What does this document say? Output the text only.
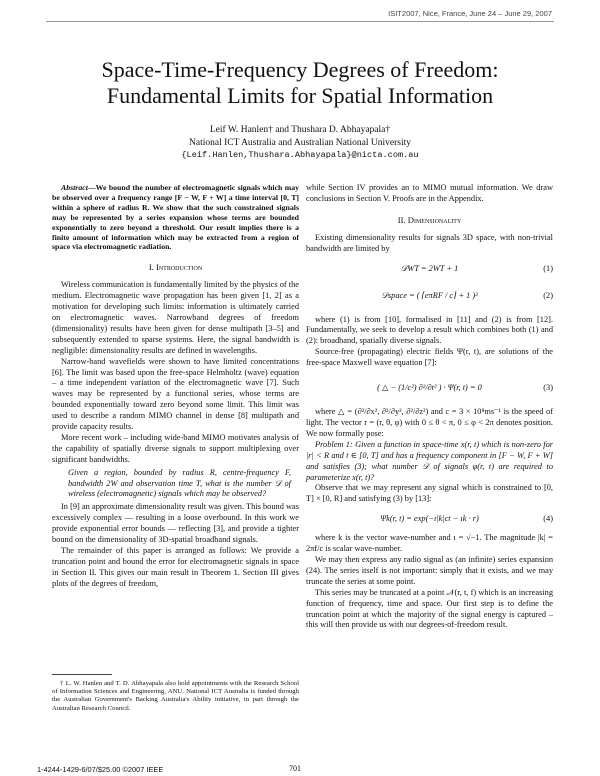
ISIT2007, Nice, France, June 24 – June 29, 2007
Space-Time-Frequency Degrees of Freedom: Fundamental Limits for Spatial Information
Leif W. Hanlen† and Thushara D. Abhayapala†
National ICT Australia and Australian National University
{Leif.Hanlen,Thushara.Abhayapala}@nicta.com.au

Abstract—We bound the number of electromagnetic signals which may be observed over a frequency range [F − W, F + W] a time interval [0, T] within a sphere of radius R. We show that the such constrained signals may be represented by a series expansion whose terms are bounded exponentially to zero beyond a threshold. Our result implies there is a finite amount of information which may be extracted from a region of space via electromagnetic radiation.

I. Introduction

Wireless communication is fundamentally limited by the physics of the medium. Electromagnetic wave propagation has been given [1, 2] as a motivation for developing such limits: information is ultimately carried on electromagnetic waves. Narrowband degrees of freedom (dimensionality) results have been given for dense multipath [3–5] and subsequently extended to sparse systems. Here, the signal bandwidth is negligible: dimensionality results are defined in wavelengths.

Narrow-band wavefields were shown to have limited concentrations [6]. The limit was based upon the free-space Helmholtz (wave) equation – a time independent variation of the electromagnetic wave [7]. Such waves may be represented by a functional series, whose terms are bounded exponentially toward zero beyond some limit. This limit was used to describe a random MIMO channel in dense [8] multipath and provide capacity results.

More recent work – including wide-band MIMO motivates analysis of the capability of spatially diverse signals to support multiplexing over significant bandwidths.

Given a region, bounded by radius R, centre-frequency F, bandwidth 2W and observation time T, what is the number 𝒟 of wireless (electromagnetic) signals which may be observed?

In [9] an approximate dimensionality result was given. This bound was excessively complex — resulting in a loose overbound. In this work we provide exponential error bounds — reflecting [3], and provide a tighter bound on the dimensionality of 3D-spatial broadband signals.

The remainder of this paper is arranged as follows: We provide a truncation point and bound the error for electromagnetic signals in space in Section II. This gives our main result in Theorem 1. Section III gives plots of the degrees of freedom,

† L. W. Hanlen and T. D. Abhayapala also hold appointments with the Research School of Information Sciences and Engineering, ANU. National ICT Australia is funded through the Australian Government's Backing Australia's Ability initiative, in part through the Australian Research Council.

while Section IV provides an to MIMO mutual information. We draw conclusions in Section V. Proofs are in the Appendix.

II. Dimensionality

Existing dimensionality results for signals 3D space, with non-trivial bandwidth are limited by

𝒟WT = 2WT + 1	(1)
𝒟space = ( ⌈eπRF / c⌉ + 1 )²	(2)

where (1) is from [10], formalised in [11] and (2) is from [12]. Fundamentally, we seek to develop a result which combines both (1) and (2): broadband, spatially diverse signals.

Source-free (propagating) electric fields Ψ(r, t), are solutions of the free-space Maxwell wave equation [7]:

( △ − (1/c²) ∂²/∂t² ) · Ψ(r, t) = 0	(3)

where △ = (∂²/∂x², ∂²/∂y², ∂²/∂z²) and c = 3 × 10⁸ms⁻¹ is the speed of light. The vector r = (r, θ, φ) with 0 ≤ θ < π, 0 ≤ φ < 2π denotes position. We now formally pose:

Problem 1: Given a function in space-time x(r, t) which is non-zero for |r| < R and t ∈ [0, T] and has a frequency component in [F − W, F + W] and satisfies (3); what number 𝒟 of signals φ(r, t) are required to parameterize x(r, t)?

Observe that we may represent any signal which is constrained to [0, T] × [0, R] and satisfying (3) by [13]:

Ψk(r, t) = exp(−ı|k|ct − ık · r)	(4)

where k is the vector wave-number and ı = √−1. The magnitude |k| = 2πf/c is scalar wave-number.

We may then express any radio signal as (an infinite) series expansion (24). The series itself is not important: simply that it exists, and we may truncate the series at some point.

This series may be truncated at a point 𝒩(r, t, f) which is an increasing function of frequency, time and space. Our first step is to define the truncation point at which the majority of the signal energy is captured – this will then provide us with our degrees-of-freedom result.

1-4244-1429-6/07/$25.00 ©2007 IEEE	701
